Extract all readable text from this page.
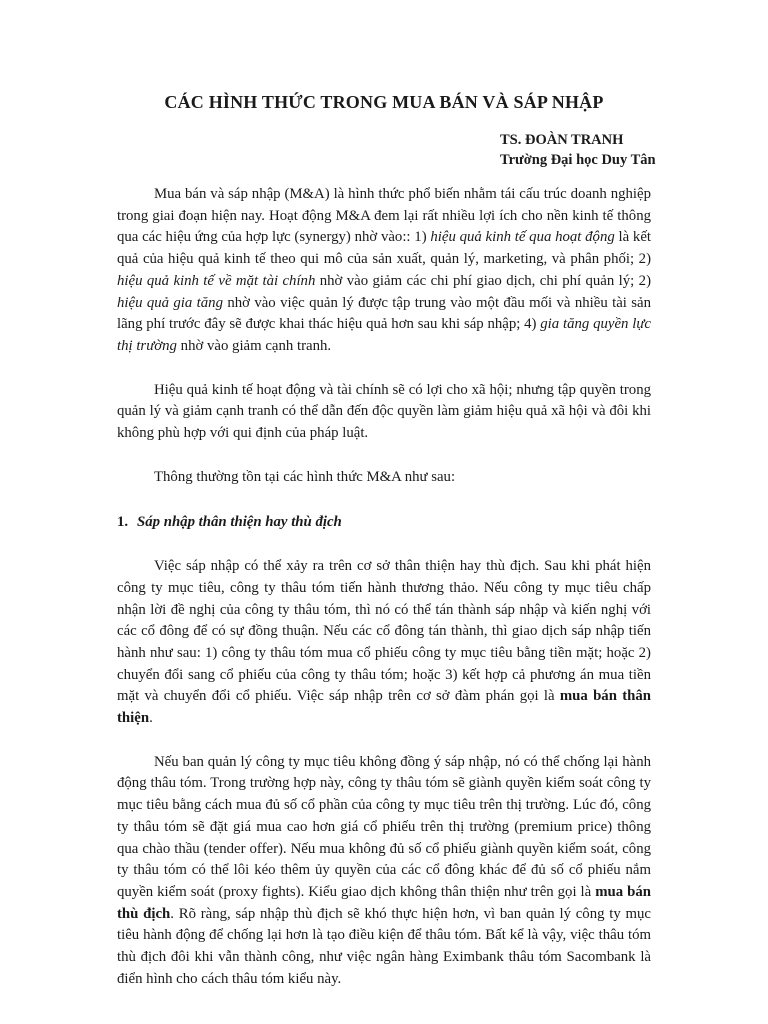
CÁC HÌNH THỨC TRONG MUA BÁN VÀ SÁP NHẬP
TS. ĐOÀN TRANH
Trường Đại học Duy Tân

Mua bán và sáp nhập (M&A) là hình thức phổ biến nhằm tái cấu trúc doanh nghiệp trong giai đoạn hiện nay. Hoạt động M&A đem lại rất nhiều lợi ích cho nền kinh tế thông qua các hiệu ứng của hợp lực (synergy) nhờ vào:: 1) hiệu quả kinh tế qua hoạt động là kết quả của hiệu quả kinh tế theo qui mô của sản xuất, quản lý, marketing, và phân phối; 2) hiệu quả kinh tế về mặt tài chính nhờ vào giảm các chi phí giao dịch, chi phí quản lý; 2) hiệu quả gia tăng nhờ vào việc quản lý được tập trung vào một đầu mối và nhiều tài sản lãng phí trước đây sẽ được khai thác hiệu quả hơn sau khi sáp nhập; 4) gia tăng quyền lực thị trường nhờ vào giảm cạnh tranh.

Hiệu quả kinh tế hoạt động và tài chính sẽ có lợi cho xã hội; nhưng tập quyền trong quản lý và giảm cạnh tranh có thể dẫn đến độc quyền làm giảm hiệu quả xã hội và đôi khi không phù hợp với qui định của pháp luật.

Thông thường tồn tại các hình thức M&A như sau:

1. Sáp nhập thân thiện hay thù địch

Việc sáp nhập có thể xảy ra trên cơ sở thân thiện hay thù địch. Sau khi phát hiện công ty mục tiêu, công ty thâu tóm tiến hành thương thảo. Nếu công ty mục tiêu chấp nhận lời đề nghị của công ty thâu tóm, thì nó có thể tán thành sáp nhập và kiến nghị với các cổ đông để có sự đồng thuận. Nếu các cổ đông tán thành, thì giao dịch sáp nhập tiến hành như sau: 1) công ty thâu tóm mua cổ phiếu công ty mục tiêu bằng tiền mặt; hoặc 2) chuyển đổi sang cổ phiếu của công ty thâu tóm; hoặc 3) kết hợp cả phương án mua tiền mặt và chuyển đổi cổ phiếu. Việc sáp nhập trên cơ sở đàm phán gọi là mua bán thân thiện.

Nếu ban quản lý công ty mục tiêu không đồng ý sáp nhập, nó có thể chống lại hành động thâu tóm. Trong trường hợp này, công ty thâu tóm sẽ giành quyền kiểm soát công ty mục tiêu bằng cách mua đủ số cổ phần của công ty mục tiêu trên thị trường. Lúc đó, công ty thâu tóm sẽ đặt giá mua cao hơn giá cổ phiếu trên thị trường (premium price) thông qua chào thầu (tender offer). Nếu mua không đủ số cổ phiếu giành quyền kiểm soát, công ty thâu tóm có thể lôi kéo thêm ủy quyền của các cổ đông khác để đủ số cổ phiếu nắm quyền kiểm soát (proxy fights). Kiểu giao dịch không thân thiện như trên gọi là mua bán thù địch. Rõ ràng, sáp nhập thù địch sẽ khó thực hiện hơn, vì ban quản lý công ty mục tiêu hành động để chống lại hơn là tạo điều kiện để thâu tóm. Bất kể là vậy, việc thâu tóm thù địch đôi khi vẫn thành công, như việc ngân hàng Eximbank thâu tóm Sacombank là điển hình cho cách thâu tóm kiểu này.
